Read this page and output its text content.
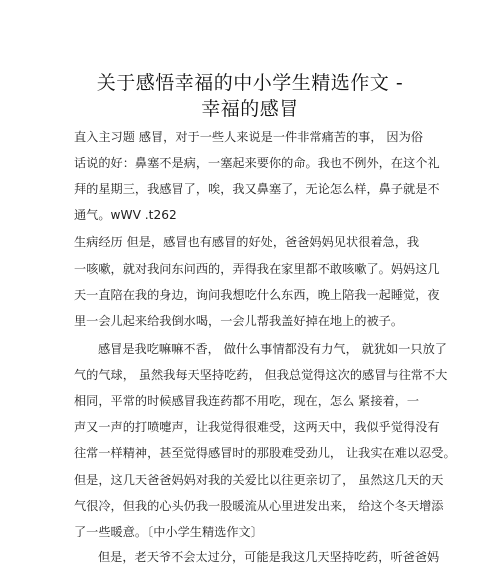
关于感悟幸福的中小学生精选作文 -
幸福的感冒
直入主习题 感冒，对于一些人来说是一件非常痛苦的事， 因为俗
话说的好：鼻塞不是病，一塞起来要你的命。我也不例外，在这个礼
拜的星期三，我感冒了，唉，我又鼻塞了，无论怎么样，鼻子就是不
通气。wWV .t262
生病经历 但是，感冒也有感冒的好处，爸爸妈妈见状很着急，我
一咳嗽，就对我问东问西的，弄得我在家里都不敢咳嗽了。妈妈这几
天一直陪在我的身边，询问我想吃什么东西，晚上陪我一起睡觉，夜
里一会儿起来给我倒水喝，一会儿帮我盖好掉在地上的被子。
感冒是我吃嘛嘛不香， 做什么事情都没有力气， 就犹如一只放了
气的气球， 虽然我每天坚持吃药， 但我总觉得这次的感冒与往常不大
相同，平常的时候感冒我连药都不用吃，现在，怎么 紧接着，一
声又一声的打喷嚏声，让我觉得很难受，这两天中，我似乎觉得没有
往常一样精神，甚至觉得感冒时的那股难受劲儿， 让我实在难以忍受。
但是，这几天爸爸妈妈对我的关爱比以往更亲切了， 虽然这几天的天
气很冷，但我的心头仍我一股暖流从心里进发出来， 给这个冬天增添
了一些暖意。〔中小学生精选作文〕
但是，老天爷不会太过分，可能是我这几天坚持吃药，听爸爸妈
